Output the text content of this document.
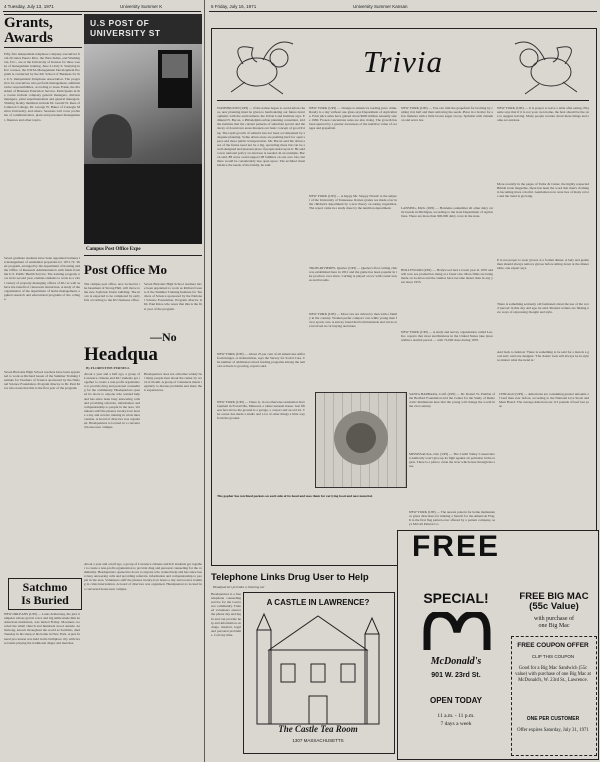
4 Tuesday, July 13, 1971	University Summer K
Grants,
Awards
Fifty-five independent telephone company executives from 20 states Puerto Rico, the West Indies, and Washington, D.C., are at the University of Kansas for three weeks of management training, June 21-July 9. Studying in KU courses, the USITA Management Development Program is conducted by the KU School of Business for the U.S. Independent Telephone Association. The program is for executives who perform management, administrative responsibilities, according to Jesse Frank, the President of Business Education Service. Participants in the course include company general managers, division managers, plant superintendents and general managers. Visiting faculty members include Dr. Gerald W. Rees of Cameron College, Dr. George W. Baker of Carnegie Mellon University, and others. Sessions will cover problems of communication, plant and personnel management, finances and other topics.
Seven graduate students have been appointed trainees in management of residential properties for 1971-72. Their program, arranged by the department of housing and the Office of Research Administration with funds from the U.S. Public Health Service. The training program, now in its second year, enables students to work as a vital variety of property-managing offices of KU as well as have the benefit of classroom instruction. A study of the organization of the department of home management, applied research and educational programs of the college.
U.S POST OF
UNIVERSITY ST
Campus Post Office Expe
Post Office Mo
The campus post office, now located in the basement of Strong Hall, will move to the new Jayhawk Union building. The move is expected to be completed by early fall, according to the KU business office.
Seven Bioloists High School teachers have been appointed to work as Richard Green of the Summer Training Institute for Teachers of Science sponsored by the National Science Foundation. Program director is Dr. Paul Kitos who notes that this is the first year of the program.
—No
Headqua
By FLORESTINE PURNELL
About a year and a half ago, a group of Lawrence citizens and KU students got together to create a non-profit organization to provide drug and personal counseling for the community. Headquarters opened its doors to anyone who wanted help and has since been busy answering calls and providing referrals, information and companionship to people in the area. Volunteers staff the phones twenty-four hours a day and receive training in crisis intervention. A board of directors was organized. Headquarters is located in a converted house near campus.
Headquarters does not advertise widely but many people hear about the center by word of mouth. A group of volunteers meets regularly to discuss problems and share their experiences.
Seven Bioloists High School teachers have been appointed to work as Richard Green of the Summer Training Institute for Teachers of Science sponsored by the National Science Foundation. Program director is Dr. Paul Kitos who notes that this is the first year of the program.
Satchmo
Is Buried
NEW ORLEANS (UPI) — Louis Armstrong, the jazz trumpeter whose gravel voice and big smile made him an American institution, was buried Friday. Mourners crowded the small church and hundreds stood outside. Armstrong, known throughout the world as Satchmo, died Tuesday in his sleep at his home in New York. A jazz funeral procession was held in his birthplace city with brass bands playing the traditional dirges and marches.
About a year and a half ago, a group of Lawrence citizens and KU students got together to create a non-profit organization to provide drug and personal counseling for the community. Headquarters opened its doors to anyone who wanted help and has since been busy answering calls and providing referrals, information and companionship to people in the area. Volunteers staff the phones twenty-four hours a day and receive training in crisis intervention. A board of directors was organized. Headquarters is located in a converted house near campus.
6 Friday, July 16, 1971	University Summer Kansan
Trivia
WASHINGTON (UPI) — If the nation hopes to avoid urban chaos, new planning must be given to harmonizing our future developments with the environment, the Urban Land Institute says. Edmund N. Bacon, a Philadelphia urban planning consultant, told the institute that the current patterns of suburban sprawl and the decay of downtown areas threaten our basic concept of good living. The rapid growth of suburbs has not been accompanied by adequate planning. Some urban areas are pushing hard for open space and more public transportation. Mr. Bacon said the urban area of the future need not be a big, sprawling mess but can be a well-designed and pleasant place if people insist upon it. He said a new national policy on land use is needed. In an example, Bacon said, 88 acres could support 98 families on one acre lots, but there would be considerably less open space. The architect must balance the needs of the family, he said.
NEW YORK (UPI) — About 25 per cent of all Americans suffer from hunger, or malnutrition, says the Survey for Social Care. The number of additional school feeding programs among the nation's schools is growing, reports said.
NEW YORK (UPI) — There is, in an otherwise residential development in Forestville, Missouri, a rather unusual house. Just fifteen feet above the ground is a garage, a carport and an old lot. The owner has made a studio and a lot of other things a little way from the ground.
The gopher has ten lined pockets on each side of its head and uses them for carrying food and nest material.
NEW YORK (UPI) — Orange is America's leading juice drink. Rarely is a day without one glass says Department of Agriculture. Fruit juice sales have gained about $600 million annually since 1960. Frozen concentrate sales are also rising. The growth has been spurred by a greater awareness of the nutritive value of oranges and grapefruit.
NEW YORK (UPI) — A happy Mr. Sloppy Drastic is the subject of the University of Tennessee. Rotten grades are made over in the children's department by a new theory on eating vegetables. The report came in a study done by the nutrition department.
TROIS-RIVIERES, Quebec (UPI) — Quebec's first curling club was established here in 1812 and the game has been popular in the province ever since. Curling is played on ice with round stones and brooms.
NEW YORK (UPI) — Most cars are driven by men with a family in the country. Women prefer compact cars while young men favor sports cars. A survey found that both husbands and wives are involved in car buying decisions.
SANTA BARBARA, Calif. (UPI) — Dr. Robert W. Prebble of the Bedford Foundation told the Center for the Study of Democratic Institutions here that the young will change the world in the 21st century.
MISSISSAUGA, Ont. (UPI) — The Credit Valley Conservation Authority won't give up its fight against air pollution in the region. There is a plan to clean the river which runs through the area.
NEW YORK (UPI) — The newest pattern for home maintenance gives directions for making a Stencil for the American Flag. It is the first flag pattern ever offered by a pattern company, says McCall Pattern Co.
NEW YORK (UPI) — You can trim the grapefruit for broiling by cutting it in half and then removing the seeds. Place in a broiler for a few minutes with a little brown sugar on top. Sprinkle with cinnamon and serve hot.
LANSING, Mich. (UPI) — Holsteins outnumber all other dairy cattle breeds in Michigan, according to the state Department of Agriculture. There are more than 900,000 dairy cows in the state.
HOLLYWOOD (UPI) — Hollywood had a boom year in 1970 and will now see production rising at a faster rate. More films are being made on location and the studios have become busier than in any year since 1955.
NEW YORK (UPI) — A study and survey organization called Leo, Inc. reports that most sterilizations in the United States take place within a normal period — with 72,000 done during 1970.
CHICAGO (UPI) — Americans are consuming greater amounts of beef than ever before, according to the National Live Stock and Meat Board. The average American ate 113 pounds of beef last year.
NEW YORK (UPI) — It is proper to leave a table after eating. Etiquette says that if it is not your own home, the host should be the one to suggest leaving. Many people wonder about these things and some are anxious.
More recently in the pages of Tailor & Cutter, the highly respected British trade magazine, there has been the word that men's clothing is becoming more colorful. Gentlemen now wear ties of many colors and the trend is growing.
It is not proper to wear gloves at a formal dinner. A lady and gentleman should always remove gloves before sitting down at the dinner table, one expert says.
There is something seriously old fashioned about the use of the word 'person' in this day and age, he said. Modern writers are finding new ways of expressing thought and style.
And back to fashion: 'There is something to be said for a man in a good suit,' said one designer. 'The classic look will always be in style no matter what the trend is.'
Telephone Links Drug User to Help
Headquarters provides a listening ear
Headquarters is a free telephone counseling service for the Lawrence community. Trained volunteers answer the phone day and night and can provide help and information on drugs, medical, legal and personal problems. Call any time.
A CASTLE IN LAWRENCE?
The Castle Tea Room
1307 MASSACHUSETTS
FREE
SPECIAL!
McDonald's
901 W. 23rd St.
OPEN TODAY
11 a.m. - 11 p.m.
7 days a week
FREE BIG MAC
(55c Value)
with purchase of
one Big Mac
FREE COUPON OFFER
CLIP THIS COUPON
Good for a Big Mac Sandwich (55c value) with purchase of one Big Mac at McDonald's, W. 23rd St., Lawrence.
ONE PER CUSTOMER
Offer expires Saturday, July 31, 1971
